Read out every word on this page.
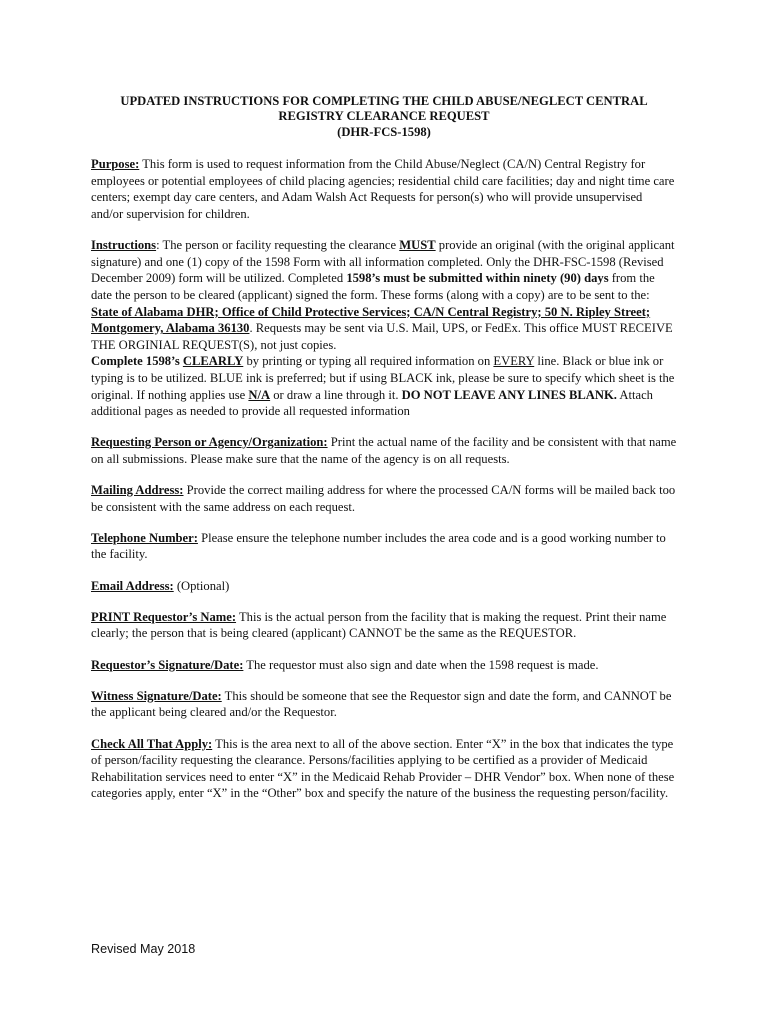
UPDATED INSTRUCTIONS FOR COMPLETING THE CHILD ABUSE/NEGLECT CENTRAL
REGISTRY CLEARANCE REQUEST
(DHR-FCS-1598)

Purpose: This form is used to request information from the Child Abuse/Neglect (CA/N) Central Registry for employees or potential employees of child placing agencies; residential child care facilities; day and night time care centers; exempt day care centers, and Adam Walsh Act Requests for person(s) who will provide unsupervised and/or supervision for children.

Instructions: The person or facility requesting the clearance MUST provide an original (with the original applicant signature) and one (1) copy of the 1598 Form with all information completed. Only the DHR-FSC-1598 (Revised December 2009) form will be utilized. Completed 1598’s must be submitted within ninety (90) days from the date the person to be cleared (applicant) signed the form. These forms (along with a copy) are to be sent to the: State of Alabama DHR; Office of Child Protective Services; CA/N Central Registry; 50 N. Ripley Street; Montgomery, Alabama 36130. Requests may be sent via U.S. Mail, UPS, or FedEx. This office MUST RECEIVE THE ORGINIAL REQUEST(S), not just copies.

Complete 1598’s CLEARLY by printing or typing all required information on EVERY line. Black or blue ink or typing is to be utilized. BLUE ink is preferred; but if using BLACK ink, please be sure to specify which sheet is the original. If nothing applies use N/A or draw a line through it. DO NOT LEAVE ANY LINES BLANK. Attach additional pages as needed to provide all requested information

Requesting Person or Agency/Organization: Print the actual name of the facility and be consistent with that name on all submissions. Please make sure that the name of the agency is on all requests.

Mailing Address: Provide the correct mailing address for where the processed CA/N forms will be mailed back too be consistent with the same address on each request.

Telephone Number: Please ensure the telephone number includes the area code and is a good working number to the facility.

Email Address: (Optional)

PRINT Requestor’s Name: This is the actual person from the facility that is making the request. Print their name clearly; the person that is being cleared (applicant) CANNOT be the same as the REQUESTOR.

Requestor’s Signature/Date: The requestor must also sign and date when the 1598 request is made.

Witness Signature/Date: This should be someone that see the Requestor sign and date the form, and CANNOT be the applicant being cleared and/or the Requestor.

Check All That Apply: This is the area next to all of the above section. Enter “X” in the box that indicates the type of person/facility requesting the clearance. Persons/facilities applying to be certified as a provider of Medicaid Rehabilitation services need to enter “X” in the Medicaid Rehab Provider – DHR Vendor” box. When none of these categories apply, enter “X” in the “Other” box and specify the nature of the business the requesting person/facility.

Revised May 2018
